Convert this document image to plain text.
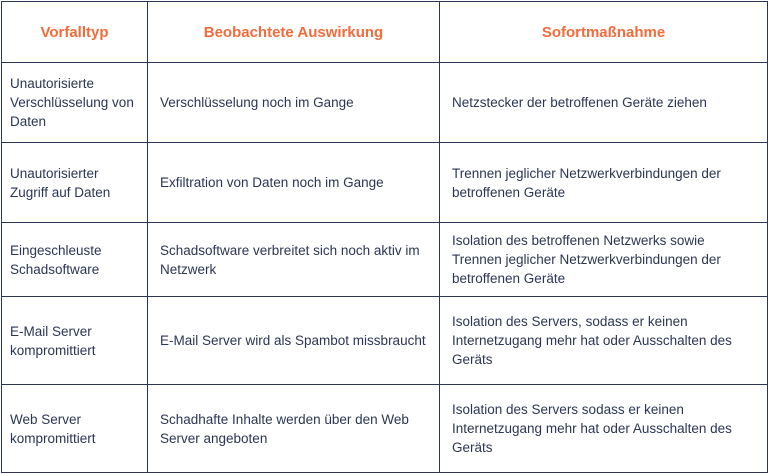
Vorfalltyp	Beobachtete Auswirkung	Sofortmaßnahme
Unautorisierte Verschlüsselung von Daten	Verschlüsselung noch im Gange	Netzstecker der betroffenen Geräte ziehen
Unautorisierter Zugriff auf Daten	Exfiltration von Daten noch im Gange	Trennen jeglicher Netzwerkverbindungen der betroffenen Geräte
Eingeschleuste Schadsoftware	Schadsoftware verbreitet sich noch aktiv im Netzwerk	Isolation des betroffenen Netzwerks sowie Trennen jeglicher Netzwerkverbindungen der betroffenen Geräte
E-Mail Server kompromittiert	E-Mail Server wird als Spambot missbraucht	Isolation des Servers, sodass er keinen Internetzugang mehr hat oder Ausschalten des Geräts
Web Server kompromittiert	Schadhafte Inhalte werden über den Web Server angeboten	Isolation des Servers sodass er keinen Internetzugang mehr hat oder Ausschalten des Geräts
